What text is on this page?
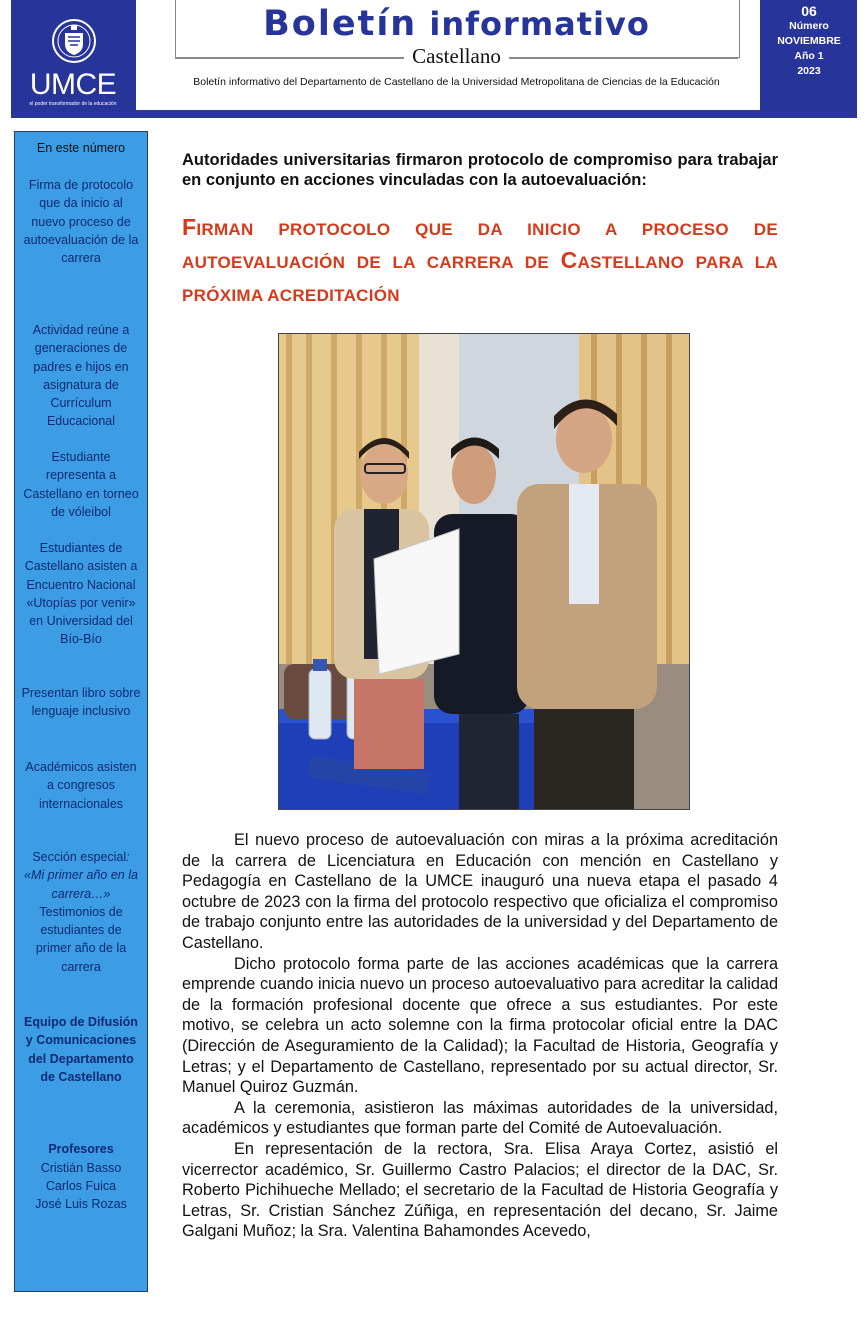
UMCE
el poder transformador de la educación
Boletín informativo
Castellano
Boletín informativo del Departamento de Castellano de la Universidad Metropolitana de Ciencias de la Educación
06
Número
NOVIEMBRE
Año 1
2023
En este número
Firma de protocolo que da inicio al nuevo proceso de autoevaluación de la carrera
Actividad reúne a generaciones de padres e hijos en asignatura de Currículum Educacional
Estudiante representa a Castellano en torneo de vóleibol
Estudiantes de Castellano asisten a Encuentro Nacional «Utopías por venir» en Universidad del Bío-Bío
Presentan libro sobre lenguaje inclusivo
Académicos asisten a congresos internacionales
Sección especial: «Mi primer año en la carrera…» Testimonios de estudiantes de primer año de la carrera
Equipo de Difusión y Comunicaciones del Departamento de Castellano
Profesores
Cristián Basso
Carlos Fuica
José Luis Rozas
Autoridades universitarias firmaron protocolo de compromiso para trabajar en conjunto en acciones vinculadas con la autoevaluación:
FIRMAN PROTOCOLO QUE DA INICIO A PROCESO DE AUTOEVALUACIÓN DE LA CARRERA DE CASTELLANO PARA LA PRÓXIMA ACREDITACIÓN

El nuevo proceso de autoevaluación con miras a la próxima acreditación de la carrera de Licenciatura en Educación con mención en Castellano y Pedagogía en Castellano de la UMCE inauguró una nueva etapa el pasado 4 octubre de 2023 con la firma del protocolo respectivo que oficializa el compromiso de trabajo conjunto entre las autoridades de la universidad y del Departamento de Castellano.

Dicho protocolo forma parte de las acciones académicas que la carrera emprende cuando inicia nuevo un proceso autoevaluativo para acreditar la calidad de la formación profesional docente que ofrece a sus estudiantes. Por este motivo, se celebra un acto solemne con la firma protocolar oficial entre la DAC (Dirección de Aseguramiento de la Calidad); la Facultad de Historia, Geografía y Letras; y el Departamento de Castellano, representado por su actual director, Sr. Manuel Quiroz Guzmán.

A la ceremonia, asistieron las máximas autoridades de la universidad, académicos y estudiantes que forman parte del Comité de Autoevaluación.

En representación de la rectora, Sra. Elisa Araya Cortez, asistió el vicerrector académico, Sr. Guillermo Castro Palacios; el director de la DAC, Sr. Roberto Pichihueche Mellado; el secretario de la Facultad de Historia Geografía y Letras, Sr. Cristian Sánchez Zúñiga, en representación del decano, Sr. Jaime Galgani Muñoz; la Sra. Valentina Bahamondes Acevedo,
